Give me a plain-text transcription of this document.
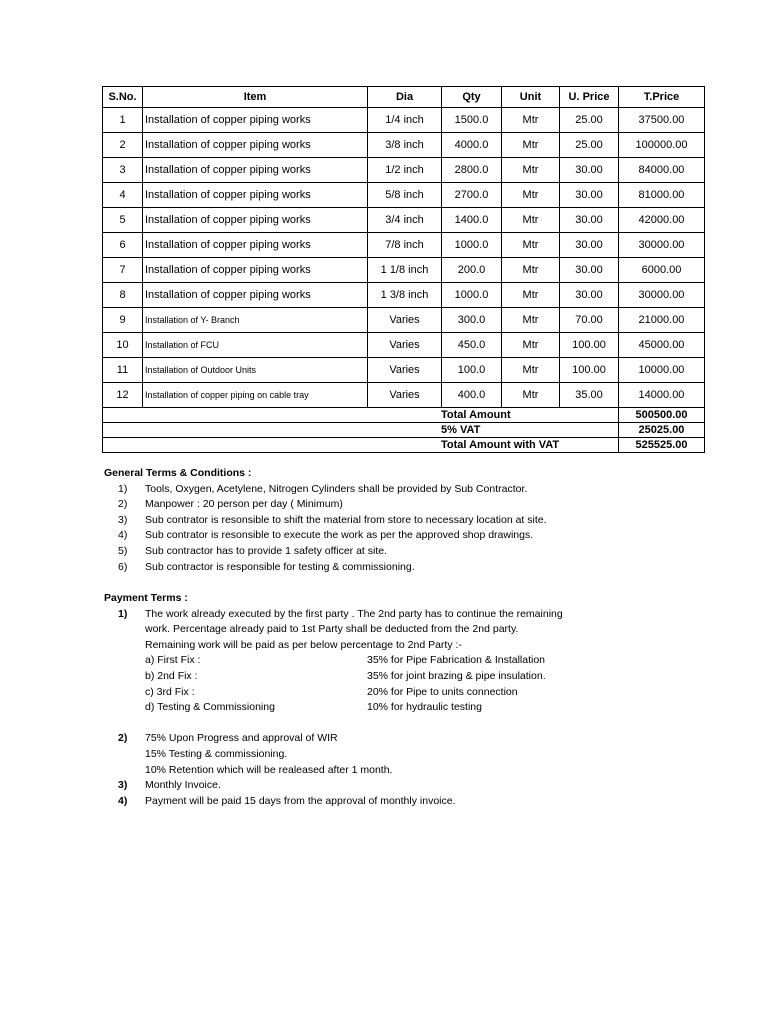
S.No.	Item	Dia	Qty	Unit	U. Price	T.Price
1	Installation of copper piping works	1/4 inch	1500.0	Mtr	25.00	37500.00
2	Installation of copper piping works	3/8 inch	4000.0	Mtr	25.00	100000.00
3	Installation of copper piping works	1/2 inch	2800.0	Mtr	30.00	84000.00
4	Installation of copper piping works	5/8 inch	2700.0	Mtr	30.00	81000.00
5	Installation of copper piping works	3/4 inch	1400.0	Mtr	30.00	42000.00
6	Installation of copper piping works	7/8 inch	1000.0	Mtr	30.00	30000.00
7	Installation of copper piping works	1 1/8 inch	200.0	Mtr	30.00	6000.00
8	Installation of copper piping works	1 3/8 inch	1000.0	Mtr	30.00	30000.00
9	Installation of Y- Branch	Varies	300.0	Mtr	70.00	21000.00
10	Installation of FCU	Varies	450.0	Mtr	100.00	45000.00
11	Installation of Outdoor Units	Varies	100.0	Mtr	100.00	10000.00
12	Installation of copper piping on cable tray	Varies	400.0	Mtr	35.00	14000.00
Total Amount						500500.00
5% VAT						25025.00
Total Amount with VAT						525525.00
General Terms & Conditions :
1)	Tools, Oxygen, Acetylene, Nitrogen Cylinders shall be provided by Sub Contractor.
2)	Manpower : 20 person per day ( Minimum)
3)	Sub contrator is resonsible to shift the material from store to necessary location at site.
4)	Sub contrator is resonsible to execute the work as per the approved shop drawings.
5)	Sub contractor has to provide 1 safety officer at site.
6)	Sub contractor is responsible for testing & commissioning.
Payment Terms :
1)	The work already executed by the first party . The 2nd party has to continue the remaining
work. Percentage already paid to 1st Party shall be deducted from the 2nd party.
Remaining work will be paid as per below percentage to 2nd Party :-
a) First Fix :	35% for Pipe Fabrication & Installation
b) 2nd Fix :	35% for joint brazing & pipe insulation.
c) 3rd Fix :	20% for Pipe to units connection
d) Testing & Commissioning	10% for hydraulic testing
2)	75% Upon Progress and approval of WIR
15% Testing & commissioning.
10% Retention which will be realeased after 1 month.
3)	Monthly Invoice.
4)	Payment will be paid 15 days from the approval of monthly invoice.
